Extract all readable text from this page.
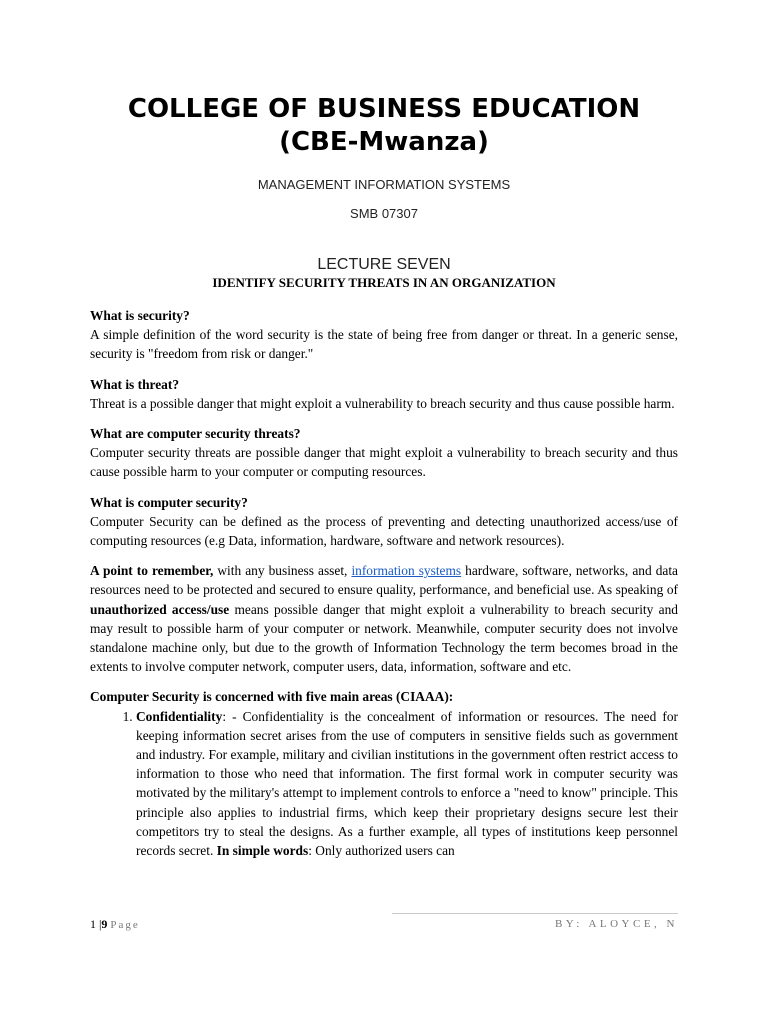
COLLEGE OF BUSINESS EDUCATION
(CBE-Mwanza)
MANAGEMENT INFORMATION SYSTEMS
SMB 07307
LECTURE SEVEN
IDENTIFY SECURITY THREATS IN AN ORGANIZATION

What is security?

A simple definition of the word security is the state of being free from danger or threat. In a generic sense, security is "freedom from risk or danger."

What is threat?

Threat is a possible danger that might exploit a vulnerability to breach security and thus cause possible harm.

What are computer security threats?

Computer security threats are possible danger that might exploit a vulnerability to breach security and thus cause possible harm to your computer or computing resources.

What is computer security?

Computer Security can be defined as the process of preventing and detecting unauthorized access/use of computing resources (e.g Data, information, hardware, software and network resources).

A point to remember, with any business asset, information systems hardware, software, networks, and data resources need to be protected and secured to ensure quality, performance, and beneficial use. As speaking of unauthorized access/use means possible danger that might exploit a vulnerability to breach security and may result to possible harm of your computer or network. Meanwhile, computer security does not involve standalone machine only, but due to the growth of Information Technology the term becomes broad in the extents to involve computer network, computer users, data, information, software and etc.

Computer Security is concerned with five main areas (CIAAA):

1. Confidentiality: - Confidentiality is the concealment of information or resources. The need for keeping information secret arises from the use of computers in sensitive fields such as government and industry. For example, military and civilian institutions in the government often restrict access to information to those who need that information. The first formal work in computer security was motivated by the military's attempt to implement controls to enforce a "need to know" principle. This principle also applies to industrial firms, which keep their proprietary designs secure lest their competitors try to steal the designs. As a further example, all types of institutions keep personnel records secret. In simple words: Only authorized users can
1 |9 Page	BY: ALOYCE, N
